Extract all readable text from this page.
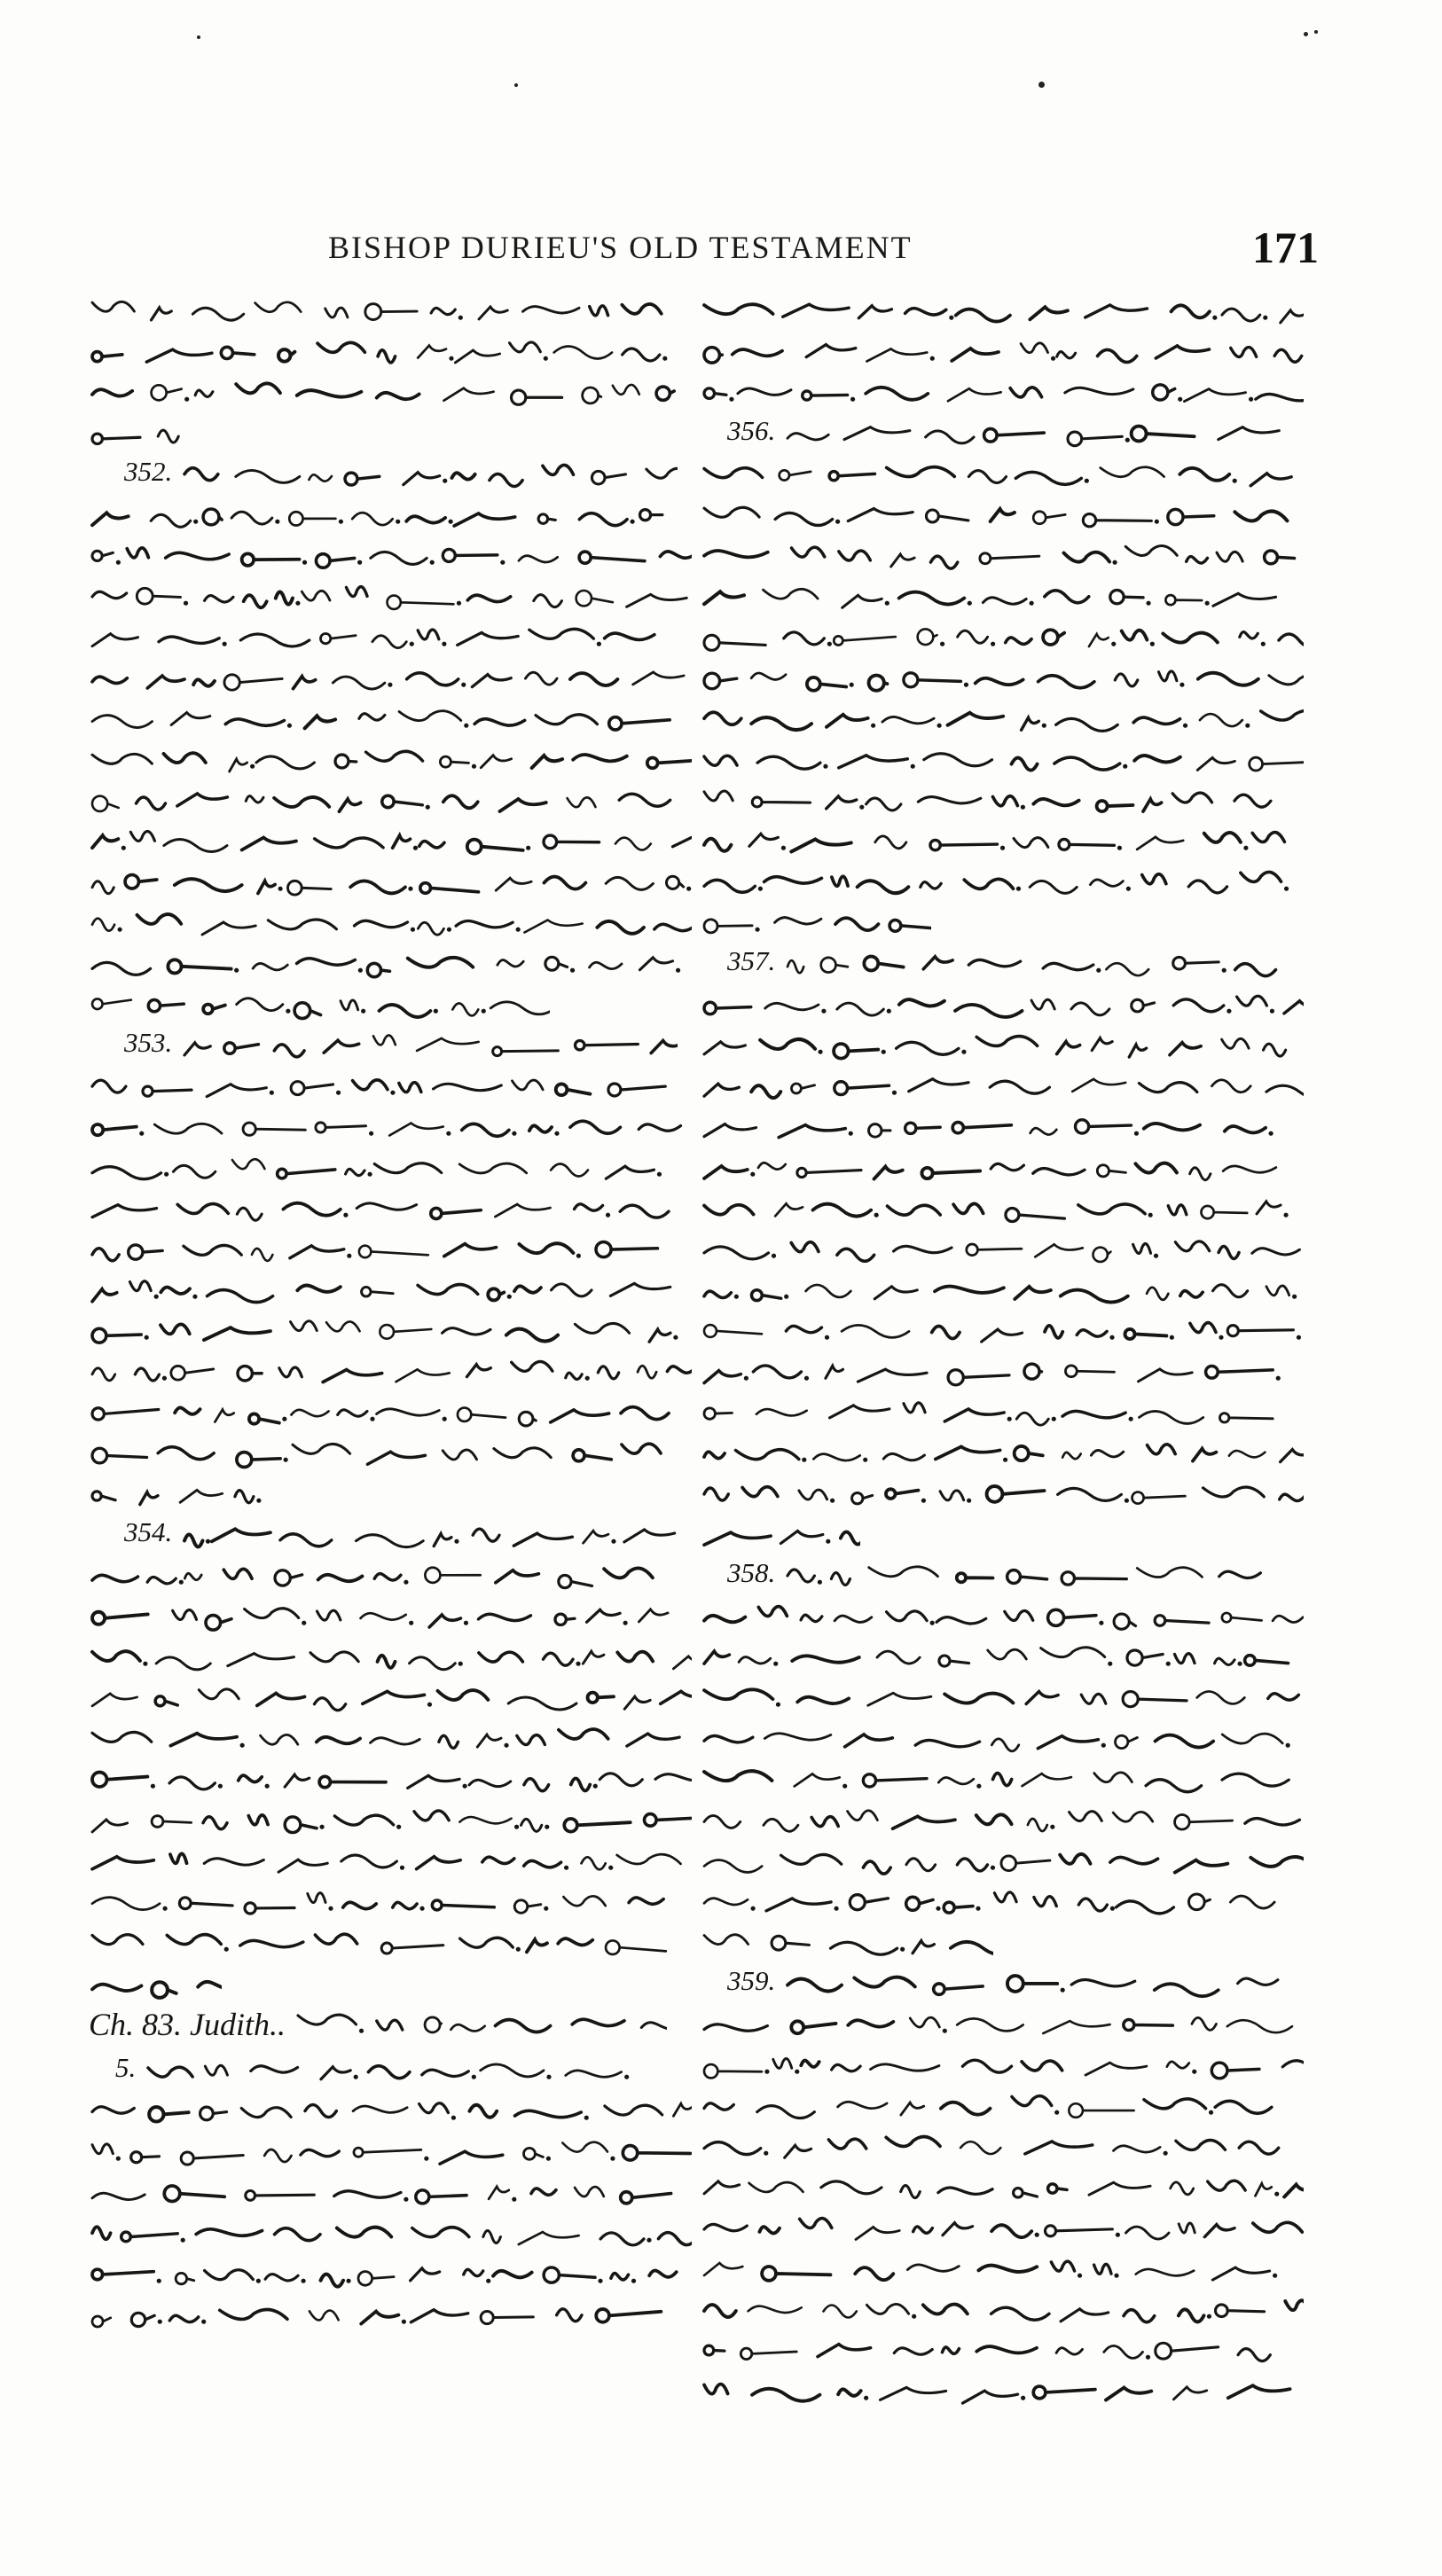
BISHOP DURIEU'S OLD TESTAMENT	171
352.
353.
354.
Ch. 83. Judith..
5.
356.
357.
358.
359.
